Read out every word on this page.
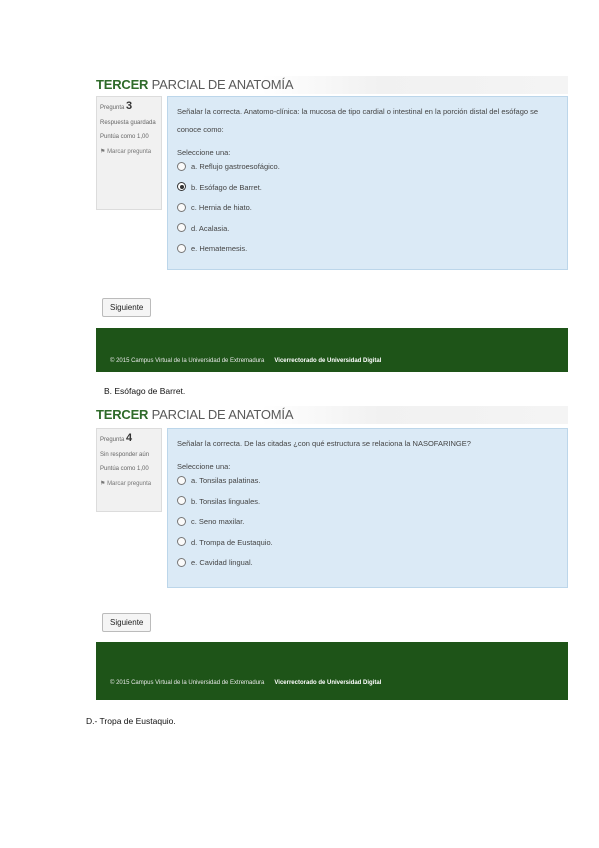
TERCER PARCIAL DE ANATOMÍA
Pregunta 3
Respuesta guardada
Puntúa como 1,00
⚑ Marcar pregunta
Señalar la correcta. Anatomo-clínica: la mucosa de tipo cardial o intestinal en la porción distal del esófago se conoce como:
Seleccione una:
a. Reflujo gastroesofágico.
b. Esófago de Barret.
c. Hernia de hiato.
d. Acalasia.
e. Hematemesis.
Siguiente
© 2015 Campus Virtual de la Universidad de Extremadura Vicerrectorado de Universidad Digital
B. Esófago de Barret.
TERCER PARCIAL DE ANATOMÍA
Pregunta 4
Sin responder aún
Puntúa como 1,00
⚑ Marcar pregunta
Señalar la correcta. De las citadas ¿con qué estructura se relaciona la NASOFARINGE?
Seleccione una:
a. Tonsilas palatinas.
b. Tonsilas linguales.
c. Seno maxilar.
d. Trompa de Eustaquio.
e. Cavidad lingual.
Siguiente
© 2015 Campus Virtual de la Universidad de Extremadura Vicerrectorado de Universidad Digital
D.- Tropa de Eustaquio.
